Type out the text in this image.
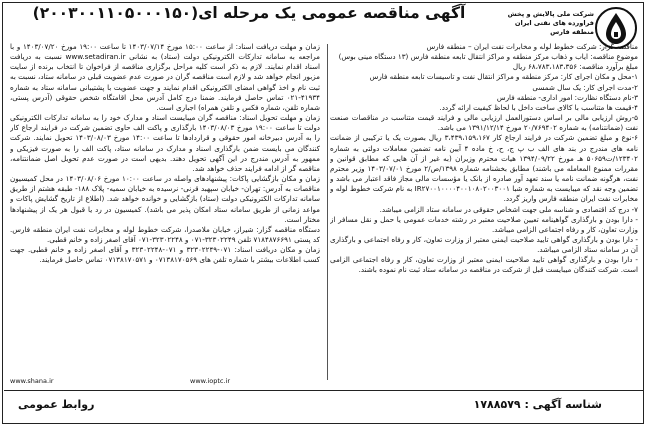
شرکت ملی پالایش و پخش فراورده های نفتی ایران
منطقه فارس
آگهی مناقصه عمومی یک مرحله ای(۲۰۰۳۰۰۱۱۰۵۰۰۰۱۵۰)

مناقصه گزار: شرکت خطوط لوله و مخابرات نفت ایران – منطقه فارس

موضوع مناقصه: ایاب و ذهاب مرکز منطقه و مراکز انتقال تابعه منطقه فارس (۱۳ دستگاه مینی بوس)

مبلغ برآورد مناقصه: ۶۸،۷۸۳،۱۸۳،۳۵۶ ریال

۱-محل و مکان اجرای کار: مرکز منطقه و مراکز انتقال نفت و تاسیسات تابعه منطقه فارس

۲-مدت اجرای کار: یک سال شمسی

۳-نام دستگاه نظارت: امور اداری- منطقه فارس

۴-قیمت ها متناسب با کالای ساخت داخل با لحاظ کیفیت ارائه گردد.

۵-روش ارزیابی مالی بر اساس دستورالعمل ارزیابی مالی و فرایند قیمت متناسب در مناقصات صنعت نفت (ضمانتنامه) به شماره ۲۰/۷۶۹۴۰۲ مورخ ۱۳۹۱/۱۲/۱۴ می باشد.

۶-نوع و مبلغ تضمین شرکت در فرایند ارجاع کار ۳،۴۳۹،۱۵۹،۱۶۷ ریال بصورت یک یا ترکیبی از ضمانت نامه های مندرج در بند های الف ب پ ج، ح، خ ماده ۴ آیین نامه تضمین معاملات دولتی به شماره ۱۲۳۴۰۲/ت۵۰۶۵۹ هـ مورخ ۱۳۹۴/۰۹/۲۲ هیات محترم وزیران (به غیر از آن هایی که مطابق قوانین و مقررات ممنوع المعامله می باشند) مطابق بخشنامه شماره ۱۳۹۸/ص/۲ مورخ ۱۴۰۳/۰۷/۰۱ وزیر محترم نفت، هرگونه ضمانت نامه یا سند تعهد آور صادره از بانک یا مؤسسات مالی مجاز فاقد اعتبار می باشد و تضمین وجه نقد که میبایست به شماره شبا IR۲۷۰۰۱۰۰۰۰۴۰۰۱۰۸۰۲۰۰۳۰۰۱ به نام شرکت خطوط لوله و مخابرات نفت ایران منطقه فارس واریز گردد.

۷- درج کد اقتصادی و شناسه ملی جهت اشخاص حقوقی در سامانه ستاد الزامی میباشد.

- دارا بودن و بارگذاری گواهینامه تعیین صلاحیت معتبر در رشته خدمات عمومی یا حمل و نقل مسافر از وزارت تعاون، کار و رفاه اجتماعی الزامی میباشد.

- دارا بودن و بارگذاری گواهی تایید صلاحیت ایمنی معتبر از وزارت تعاون، کار و رفاه اجتماعی و بارگذاری آن در سامانه ستاد الزامی میباشد.

- دارا بودن و بارگذاری گواهی تایید صلاحیت ایمنی معتبر از وزارت تعاون، کار و رفاه اجتماعی الزامی است. شرکت کنندگان میبایست قبل از شرکت در مناقصه در سامانه ستاد ثبت نام نموده باشند.

زمان و مهلت دریافت اسناد: از ساعت ۱۵:۰۰ مورخ ۱۴۰۳/۰۷/۱۴ تا ساعت ۱۹:۰۰ مورخ ۱۴۰۳/۰۷/۲۰ و با مراجعه به سامانه تدارکات الکترونیکی دولت (ستاد) به نشانی www.setadiran.ir نسبت به دریافت اسناد اقدام نمایند. لازم به ذکر است کلیه مراحل برگزاری مناقصه از فراخوان تا انتخاب برنده از سایت مزبور انجام خواهد شد و لازم است مناقصه گران در صورت عدم عضویت قبلی در سامانه ستاد، نسبت به ثبت نام و اخذ گواهی امضای الکترونیکی اقدام نمایند و جهت عضویت با پشتیبانی سامانه ستاد به شماره ۴۱۹۳۴-۰۲۱ تماس حاصل فرمایند. ضمنا درج کامل آدرس محل اقامتگاه شخص حقوقی (آدرس پستی، شماره تلفن، شماره فکس و تلفن همراه) اجباری است.

زمان و مهلت تحویل اسناد: مناقصه گران میبایست اسناد و مدارک خود را به سامانه تدارکات الکترونیکی دولت تا ساعت ۱۹:۰۰ مورخ ۱۴۰۳/۰۸/۰۳ بارگذاری و پاکت الف حاوی تضمین شرکت در فرایند ارجاع کار را به آدرس دبیرخانه امور حقوقی و قراردادها تا ساعت ۱۴:۰۰ مورخ ۱۴۰۳/۰۸/۰۳ تحویل نمایند. شرکت کنندگان می بایست ضمن بارگذاری اسناد و مدارک در سامانه ستاد، پاکت الف را به صورت فیزیکی و ممهور به آدرس مندرج در این آگهی تحویل دهند. بدیهی است در صورت عدم تحویل اصل ضمانتنامه، مناقصه گر از ادامه فرایند حذف خواهد شد.

زمان و مکان بازگشایی پاکات: پیشنهادهای واصله در ساعت ۱۰:۰۰ مورخ ۱۴۰۳/۰۸/۰۶ در محل کمیسیون مناقصات به آدرس: تهران- خیابان سپهبد قرنی- نرسیده به خیابان سمیه- پلاک ۱۸۸- طبقه هشتم از طریق سامانه تدارکات الکترونیکی دولت (ستاد) بازگشایی و خوانده خواهد شد. (اطلاع از تاریخ گشایش پاکات و مواعد زمانی از طریق سامانه ستاد امکان پذیر می باشد). کمیسیون در رد یا قبول هر یک از پیشنهادها مختار است.

دستگاه مناقصه گزار: شیراز، خیابان ملاصدرا، شرکت خطوط لوله و مخابرات نفت ایران منطقه فارس. کد پستی ۷۱۸۴۸۷۶۶۹۱ تلفن ۳۲۳۰۲۲۴۹-۰۷۱ و ۳۲۳۰۲۲۴۸-۰۷۱ آقای اصغر زاده و خانم قطبی.

زمان و مکان دریافت اسناد: ۰۷۱-۳۲۳۰۲۲۴۹ و ۰۷۱-۳۲۳۰۲۲۴۸ و آقای اصغر زاده و خانم قطبی. جهت کسب اطلاعات بیشتر با شماره تلفن های ۰۷۱۳۸۱۷۰۵۶۹ و ۰۷۱۳۸۱۷۰۵۷۱ تماس حاصل فرمایند.

www.shana.ir	www.ioptc.ir
شناسه آگهی : ۱۷۸۸۵۷۹
روابط عمومی
